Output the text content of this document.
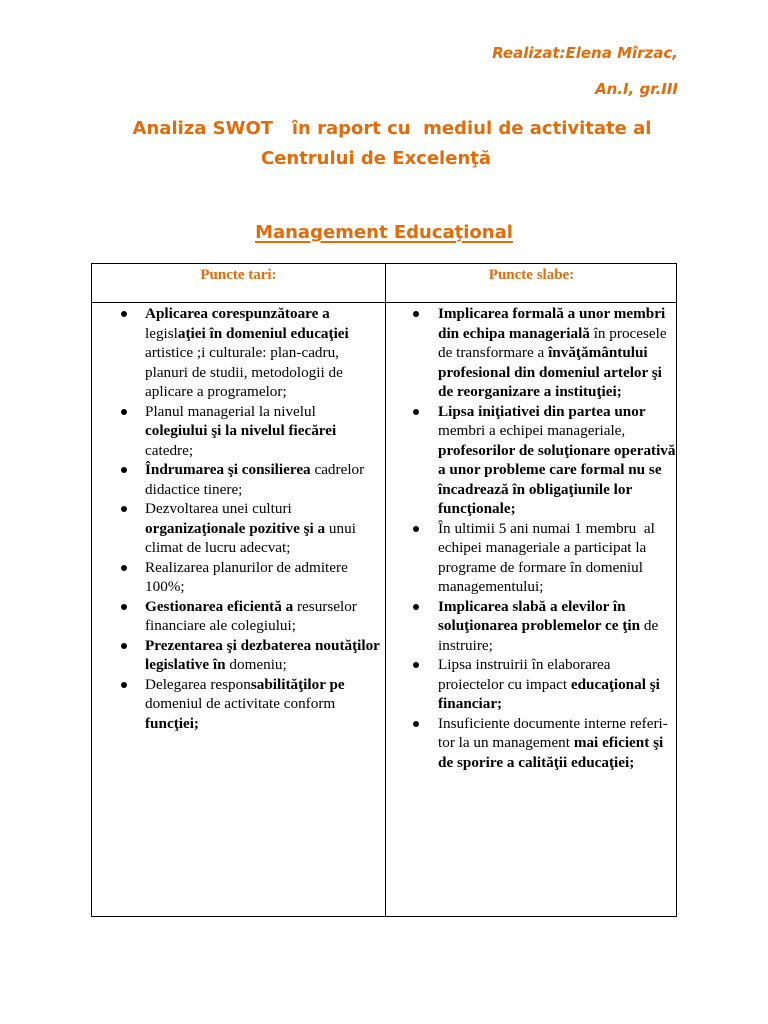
Realizat:Elena Mîrzac,
An.I, gr.III
Analiza SWOT   în raport cu  mediul de activitate al
Centrului de Excelenţă
Management Educaţional
Puncte tari:	Puncte slabe:
Aplicarea corespunzătoare a legislaţiei în domeniul educaţiei artistice ;i culturale: plan-cadru, planuri de studii, metodologii de aplicare a programelor;
Planul managerial la nivelul colegiului şi la nivelul fiecărei catedre;
Îndrumarea şi consilierea cadrelor didactice tinere;
Dezvoltarea unei culturi organizaţionale pozitive şi a unui climat de lucru adecvat;
Realizarea planurilor de admitere 100%;
Gestionarea eficientă a resurselor financiare ale colegiului;
Prezentarea şi dezbaterea noutăţilor legislative în domeniu;
Delegarea responsabilităţilor pe domeniul de activitate conform funcţiei;
Implicarea formală a unor membri din echipa managerială în procesele de transformare a învăţământului profesional din domeniul artelor şi de reorganizare a instituţiei;
Lipsa iniţiativei din partea unor membri a echipei manageriale, profesorilor de soluţionare operativă a unor probleme care formal nu se încadrează în obligaţiunile lor funcţionale;
În ultimii 5 ani numai 1 membru  al echipei manageriale a participat la programe de formare în domeniul managementului;
Implicarea slabă a elevilor în soluţionarea problemelor ce ţin de instruire;
Lipsa instruirii în elaborarea proiectelor cu impact educaţional şi financiar;
Insuficiente documente interne referi-tor la un management mai eficient şi de sporire a calităţii educaţiei;
